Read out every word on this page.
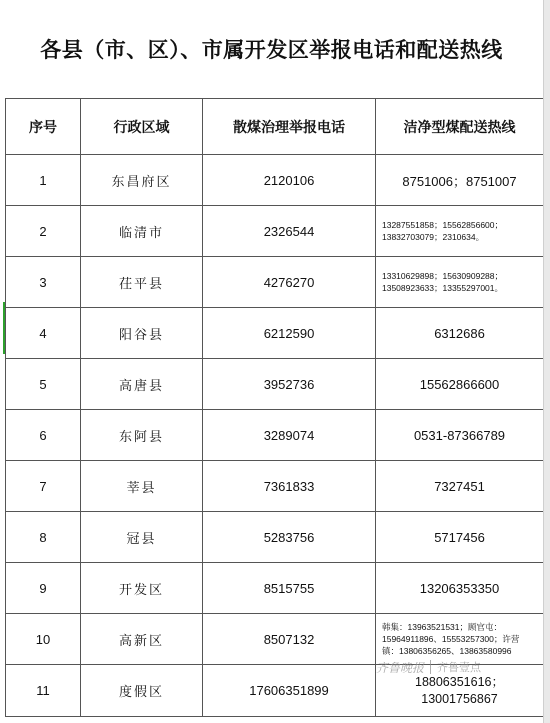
各县（市、区）、市属开发区举报电话和配送热线
序号	行政区域	散煤治理举报电话	洁净型煤配送热线
1	东昌府区	2120106	8751006；8751007
2	临清市	2326544	13287551858；15562856600；
13832703079；2310634。

3	茌平县	4276270	13310629898；15630909288；
13508923633；13355297001。

4	阳谷县	6212590	6312686
5	高唐县	3952736	15562866600
6	东阿县	3289074	0531-87366789
7	莘县	7361833	7327451
8	冠县	5283756	5717456
9	开发区	8515755	13206353350
10	高新区	8507132	韩集：13963521531；顾官屯：
15964911896、15553257300；许营
镇：13806356265、13863580996

11	度假区	17606351899	18806351616；
13001756867
齐鲁晚报 齐鲁壹点
